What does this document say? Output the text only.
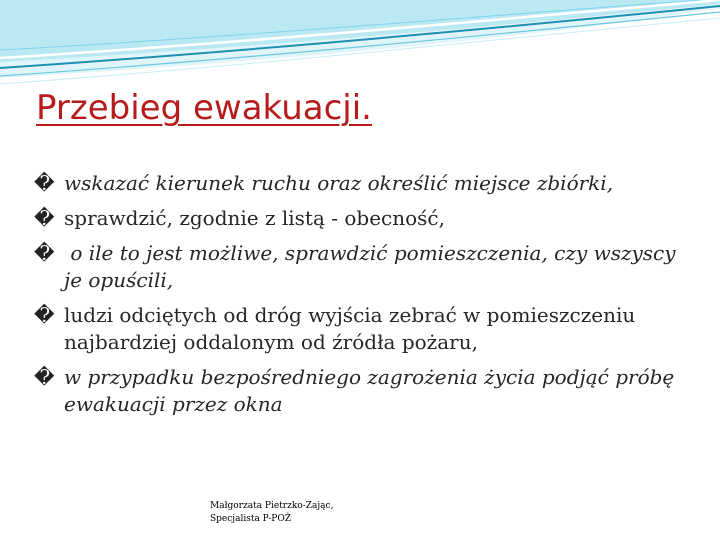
Przebieg ewakuacji.
� wskazać kierunek ruchu oraz określić miejsce zbiórki,
� sprawdzić, zgodnie z listą - obecność,
� o ile to jest możliwe, sprawdzić pomieszczenia, czy wszyscy je opuścili,
� ludzi odciętych od dróg wyjścia zebrać w pomieszczeniu najbardziej oddalonym od źródła pożaru,
� w przypadku bezpośredniego zagrożenia życia podjąć próbę ewakuacji przez okna
Małgorzata Pietrzko-Zając,
Specjalista P-POŻ
